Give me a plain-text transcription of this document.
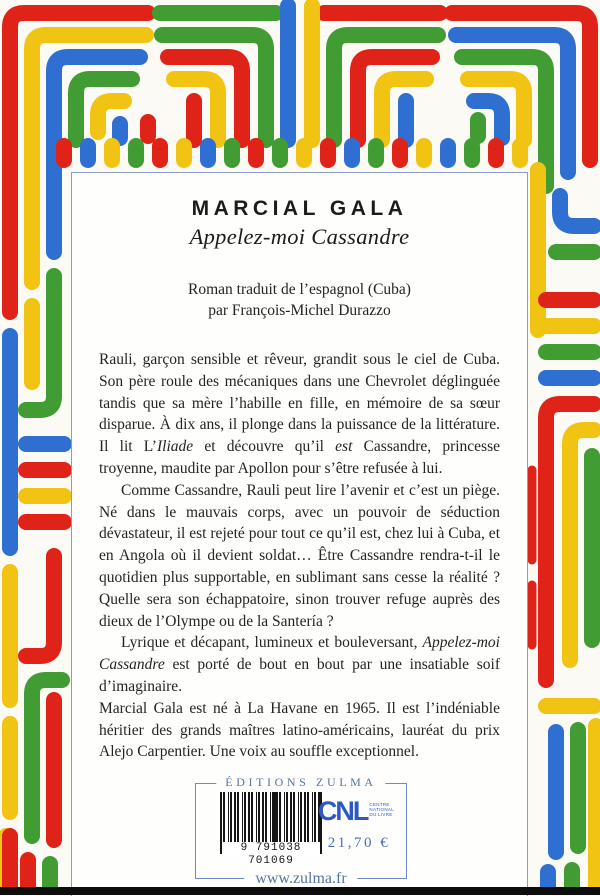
MARCIAL GALA
Appelez-moi Cassandre
Roman traduit de l’espagnol (Cuba)
par François-Michel Durazzo

Rauli, garçon sensible et rêveur, grandit sous le ciel de Cuba. Son père roule des mécaniques dans une Chevrolet déglinguée tandis que sa mère l’habille en fille, en mémoire de sa sœur disparue. À dix ans, il plonge dans la puissance de la littérature. Il lit L’Iliade et découvre qu’il est Cassandre, princesse troyenne, maudite par Apollon pour s’être refusée à lui.

Comme Cassandre, Rauli peut lire l’avenir et c’est un piège. Né dans le mauvais corps, avec un pouvoir de séduction dévastateur, il est rejeté pour tout ce qu’il est, chez lui à Cuba, et en Angola où il devient soldat… Être Cassandre rendra-t-il le quotidien plus supportable, en sublimant sans cesse la réalité ? Quelle sera son échappatoire, sinon trouver refuge auprès des dieux de l’Olympe ou de la Santería ?

Lyrique et décapant, lumineux et bouleversant, Appelez-moi Cassandre est porté de bout en bout par une insatiable soif d’imaginaire.

Marcial Gala est né à La Havane en 1965. Il est l’indéniable héritier des grands maîtres latino-américains, lauréat du prix Alejo Carpentier. Une voix au souffle exceptionnel.

ÉDITIONS ZULMA
9 791038 701069
CNL CENTRE
NATIONAL
DU LIVRE
21,70 €
www.zulma.fr
